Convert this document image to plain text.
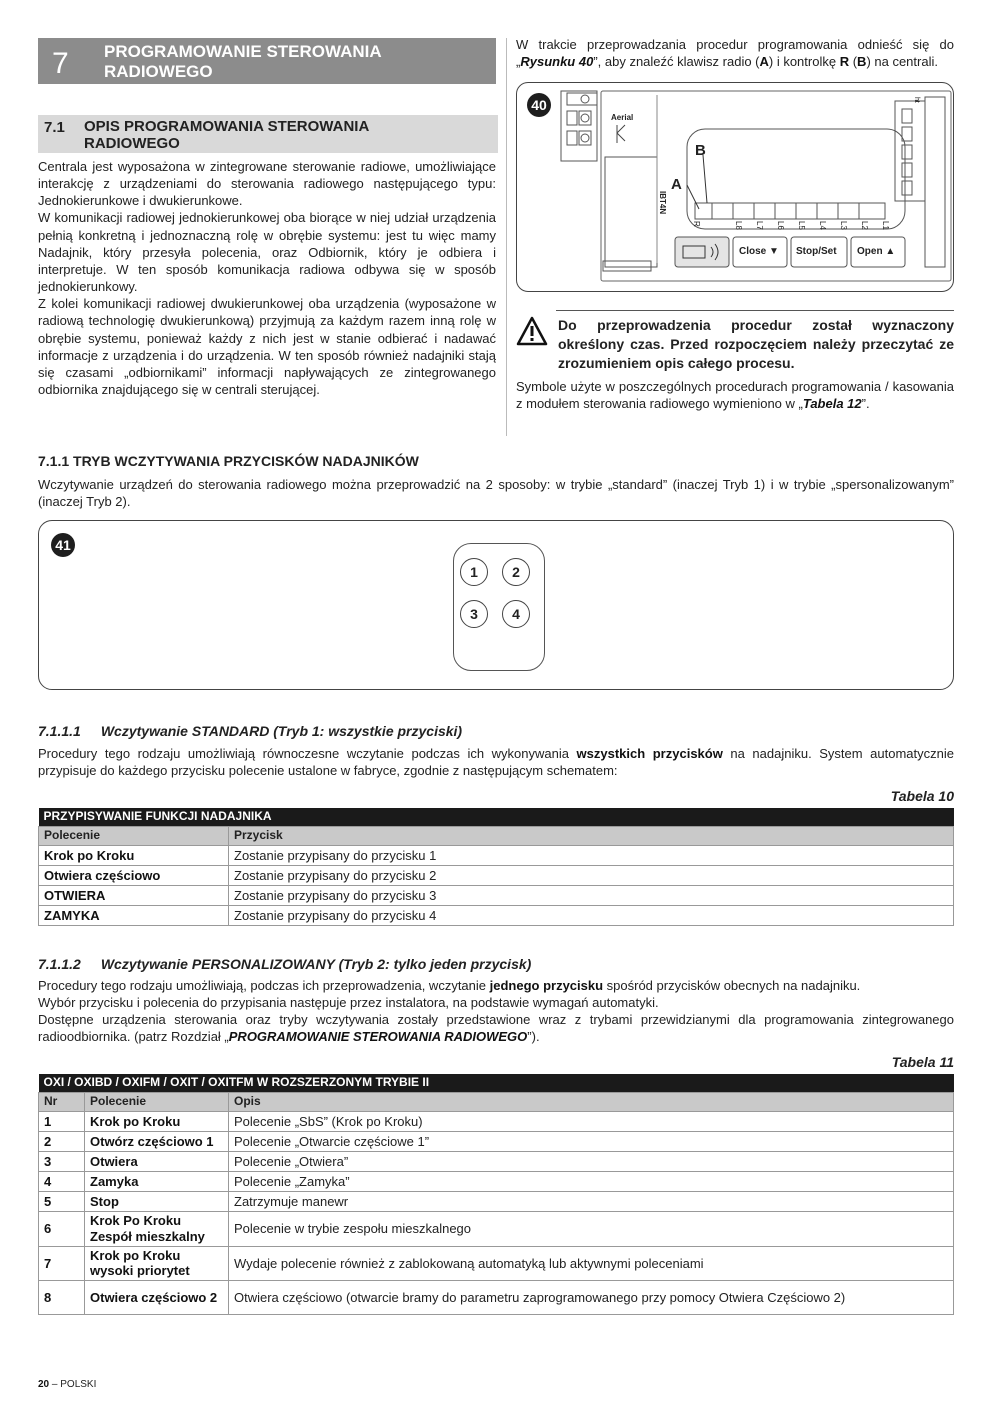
7 PROGRAMOWANIE STEROWANIA RADIOWEGO
7.1 OPIS PROGRAMOWANIA STEROWANIA RADIOWEGO

Centrala jest wyposażona w zintegrowane sterowanie radiowe, umożliwiające interakcję z urządzeniami do sterowania radiowego następującego typu: Jednokierunkowe i dwukierunkowe.

W komunikacji radiowej jednokierunkowej oba biorące w niej udział urządzenia pełnią konkretną i jednoznaczną rolę w obrębie systemu: jest tu więc mamy Nadajnik, który przesyła polecenia, oraz Odbiornik, który je odbiera i interpretuje. W ten sposób komunikacja radiowa odbywa się w sposób jednokierunkowy.

Z kolei komunikacji radiowej dwukierunkowej oba urządzenia (wyposażone w radiową technologię dwukierunkową) przyjmują za każdym razem inną rolę w obrębie systemu, ponieważ każdy z nich jest w stanie odbierać i nadawać informacje z urządzenia i do urządzenia. W ten sposób również nadajniki stają się czasami „odbiornikami” informacji napływających ze zintegrowanego odbiornika znajdującego się w centrali sterującej.

W trakcie przeprowadzania procedur programowania odnieść się do „Rysunku 40”, aby znaleźć klawisz radio (A) i kontrolkę R (B) na centrali.

40
Aerial
IBT4N
A
B
R	L8 L7 L6 L5 L4 L3 L2 L1
Close ▼ Stop/Set Open ▲
ht

Do przeprowadzenia procedur został wyznaczony określony czas. Przed rozpoczęciem należy przeczytać ze zrozumieniem opis całego procesu.

Symbole użyte w poszczególnych procedurach programowania / kasowania z modułem sterowania radiowego wymieniono w „Tabela 12”.

7.1.1 TRYB WCZYTYWANIA PRZYCISKÓW NADAJNIKÓW

Wczytywanie urządzeń do sterowania radiowego można przeprowadzić na 2 sposoby: w trybie „standard” (inaczej Tryb 1) i w trybie „spersonalizowanym” (inaczej Tryb 2).

41
1	2
3	4
7.1.1.1 Wczytywanie STANDARD (Tryb 1: wszystkie przyciski)

Procedury tego rodzaju umożliwiają równoczesne wczytanie podczas ich wykonywania wszystkich przycisków na nadajniku. System automatycznie przypisuje do każdego przycisku polecenie ustalone w fabryce, zgodnie z następującym schematem:

Tabela 10
PRZYPISYWANIE FUNKCJI NADAJNIKA	
Polecenie	Przycisk
Krok po Kroku	Zostanie przypisany do przycisku 1
Otwiera częściowo	Zostanie przypisany do przycisku 2
OTWIERA	Zostanie przypisany do przycisku 3
ZAMYKA	Zostanie przypisany do przycisku 4
7.1.1.2 Wczytywanie PERSONALIZOWANY (Tryb 2: tylko jeden przycisk)

Procedury tego rodzaju umożliwiają, podczas ich przeprowadzenia, wczytanie jednego przycisku spośród przycisków obecnych na nadajniku.

Wybór przycisku i polecenia do przypisania następuje przez instalatora, na podstawie wymagań automatyki.

Dostępne urządzenia sterowania oraz tryby wczytywania zostały przedstawione wraz z trybami przewidzianymi dla programowania zintegrowanego radioodbiornika. (patrz Rozdział „PROGRAMOWANIE STEROWANIA RADIOWEGO”).

Tabela 11
OXI / OXIBD / OXIFM / OXIT / OXITFM W ROZSZERZONYM TRYBIE II		
Nr	Polecenie	Opis
1	Krok po Kroku	Polecenie „SbS” (Krok po Kroku)
2	Otwórz częściowo 1	Polecenie „Otwarcie częściowe 1”
3	Otwiera	Polecenie „Otwiera”
4	Zamyka	Polecenie „Zamyka”
5	Stop	Zatrzymuje manewr
6	Krok Po Kroku Zespół mieszkalny	Polecenie w trybie zespołu mieszkalnego
7	Krok po Kroku wysoki priorytet	Wydaje polecenie również z zablokowaną automatyką lub aktywnymi poleceniami
8	Otwiera częściowo 2	Otwiera częściowo (otwarcie bramy do parametru zaprogramowanego przy pomocy Otwiera Częściowo 2)
20 – POLSKI
